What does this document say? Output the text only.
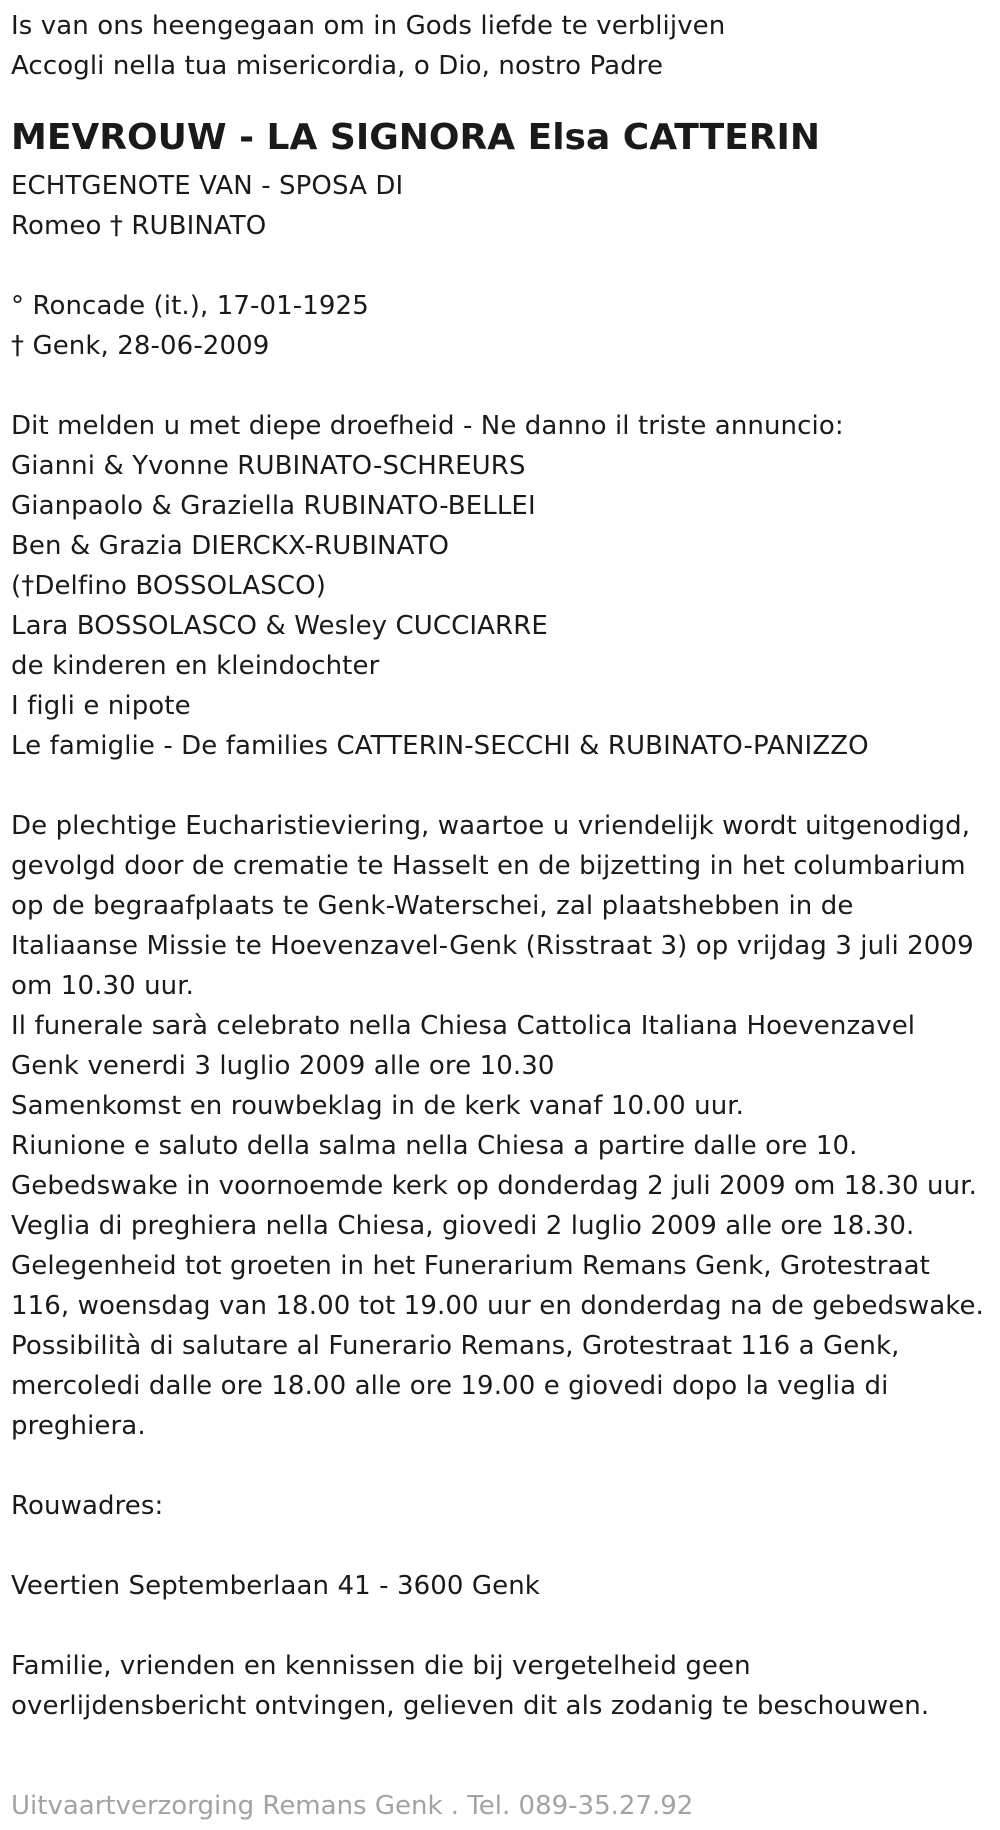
Is van ons heengegaan om in Gods liefde te verblijven
Accogli nella tua misericordia, o Dio, nostro Padre
MEVROUW - LA SIGNORA Elsa CATTERIN
ECHTGENOTE VAN - SPOSA DI
Romeo † RUBINATO
° Roncade (it.), 17-01-1925
† Genk, 28-06-2009
Dit melden u met diepe droefheid - Ne danno il triste annuncio:
Gianni & Yvonne RUBINATO-SCHREURS
Gianpaolo & Graziella RUBINATO-BELLEI
Ben & Grazia DIERCKX-RUBINATO
(†Delfino BOSSOLASCO)
Lara BOSSOLASCO & Wesley CUCCIARRE
de kinderen en kleindochter
I figli e nipote
Le famiglie - De families CATTERIN-SECCHI & RUBINATO-PANIZZO
De plechtige Eucharistieviering, waartoe u vriendelijk wordt uitgenodigd,
gevolgd door de crematie te Hasselt en de bijzetting in het columbarium
op de begraafplaats te Genk-Waterschei, zal plaatshebben in de
Italiaanse Missie te Hoevenzavel-Genk (Risstraat 3) op vrijdag 3 juli 2009
om 10.30 uur.
Il funerale sarà celebrato nella Chiesa Cattolica Italiana Hoevenzavel
Genk venerdi 3 luglio 2009 alle ore 10.30
Samenkomst en rouwbeklag in de kerk vanaf 10.00 uur.
Riunione e saluto della salma nella Chiesa a partire dalle ore 10.
Gebedswake in voornoemde kerk op donderdag 2 juli 2009 om 18.30 uur.
Veglia di preghiera nella Chiesa, giovedi 2 luglio 2009 alle ore 18.30.
Gelegenheid tot groeten in het Funerarium Remans Genk, Grotestraat
116, woensdag van 18.00 tot 19.00 uur en donderdag na de gebedswake.
Possibilità di salutare al Funerario Remans, Grotestraat 116 a Genk,
mercoledi dalle ore 18.00 alle ore 19.00 e giovedi dopo la veglia di
preghiera.
Rouwadres:
Veertien Septemberlaan 41 - 3600 Genk
Familie, vrienden en kennissen die bij vergetelheid geen
overlijdensbericht ontvingen, gelieven dit als zodanig te beschouwen.
Uitvaartverzorging Remans Genk . Tel. 089-35.27.92
